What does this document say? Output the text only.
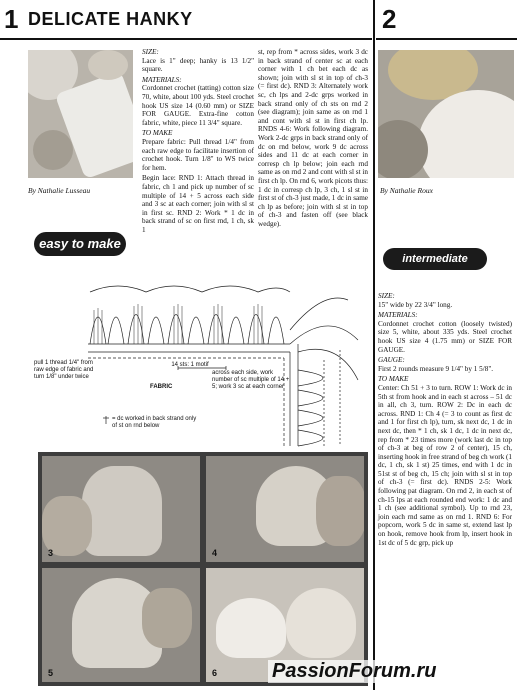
1 DELICATE HANKY	2
By Nathalie Lusseau
easy to make

SIZE:
Lace is 1" deep; hanky is 13 1/2" square.

MATERIALS:
Cordonnet crochet (tatting) cotton size 70, white, about 100 yds. Steel crochet hook US size 14 (0.60 mm) or SIZE FOR GAUGE. Extra-fine cotton fabric, white, piece 11 3/4" square.

TO MAKE
Prepare fabric: Pull thread 1/4" from each raw edge to facilitate insertion of crochet hook. Turn 1/8" to WS twice for hem.

Begin lace: RND 1: Attach thread in fabric, ch 1 and pick up number of sc multiple of 14 + 5 across each side and 3 sc at each corner; join with sl st in first sc. RND 2: Work * 1 dc in back strand of sc on first rnd, 1 ch, sk 1

st, rep from * across sides, work 3 dc in back strand of center sc at each corner with 1 ch bet each dc as shown; join with sl st in top of ch-3 (= first dc). RND 3: Alternately work sc, ch lps and 2-dc grps worked in back strand only of ch sts on rnd 2 (see diagram); join same as on rnd 1 and cont with sl st in first ch lp. RNDS 4-6: Work following diagram. Work 2-dc grps in back strand only of dc on rnd below, work 9 dc across sides and 11 dc at each corner in corresp ch lp below; join each rnd same as on rnd 2 and cont with sl st in first ch lp. On rnd 6, work picots thus: 1 dc in corresp ch lp, 3 ch, 1 sl st in first st of ch-3 just made, 1 dc in same ch lp as before; join with sl st in top of ch-3 and fasten off (see black wedge).

pull 1 thread 1/4" from raw edge of fabric and turn 1/8" under twice
FABRIC
14 sts: 1 motif
across each side, work number of sc multiple of 14 + 5; work 3 sc at each corner
= dc worked in back strand only of st on rnd below
3	4
5	6
By Nathalie Roux
intermediate

SIZE:
15" wide by 22 3/4" long.

MATERIALS:
Cordonnet crochet cotton (loosely twisted) size 5, white, about 335 yds. Steel crochet hook US size 4 (1.75 mm) or SIZE FOR GAUGE.

GAUGE:
First 2 rounds measure 9 1/4" by 1 5/8".

TO MAKE
Center: Ch 51 + 3 to turn. ROW 1: Work dc in 5th st from hook and in each st across – 51 dc in all, ch 3, turn. ROW 2: Dc in each dc across. RND 1: Ch 4 (= 3 to count as first dc and 1 for first ch lp), turn, sk next dc, 1 dc in next dc, then * 1 ch, sk 1 dc, 1 dc in next dc, rep from * 23 times more (work last dc in top of ch-3 at beg of row 2 of center), 15 ch, inserting hook in free strand of beg ch work (1 dc, 1 ch, sk 1 st) 25 times, end with 1 dc in 51st st of beg ch, 15 ch; join with sl st in top of ch-3 (= first dc). RNDS 2-5: Work following pat diagram. On rnd 2, in each st of ch-15 lps at each rounded end work: 1 dc and 1 ch (see additional symbol). Up to rnd 23, join each rnd same as on rnd 1. RND 6: For popcorn, work 5 dc in same st, extend last lp on hook, remove hook from lp, insert hook in 1st dc of 5 dc grp, pick up

PassionForum.ru
